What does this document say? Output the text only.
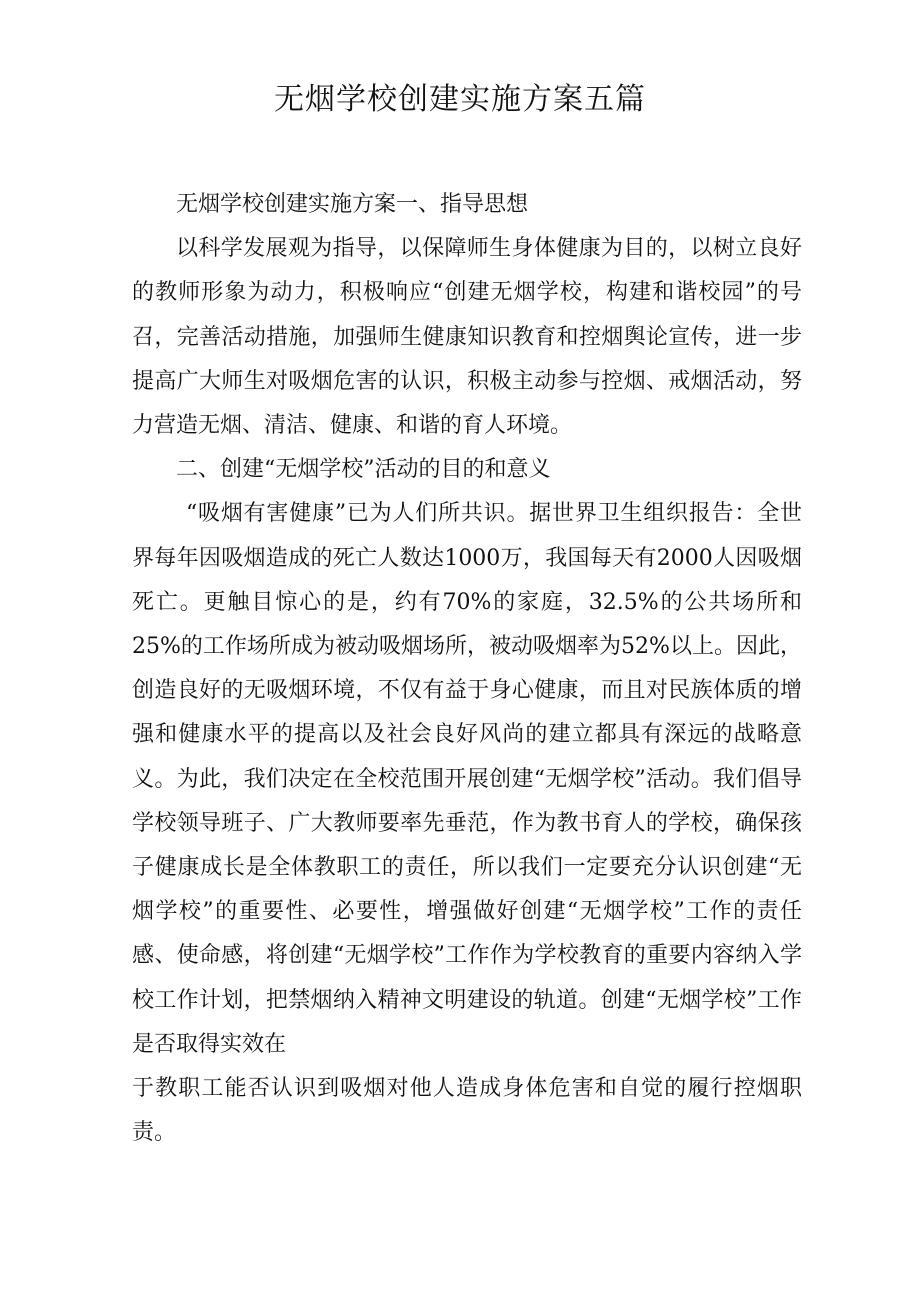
无烟学校创建实施方案五篇

无烟学校创建实施方案一、指导思想

以科学发展观为指导，以保障师生身体健康为目的，以树立良好的教师形象为动力，积极响应“创建无烟学校，构建和谐校园”的号召，完善活动措施，加强师生健康知识教育和控烟舆论宣传，进一步提高广大师生对吸烟危害的认识，积极主动参与控烟、戒烟活动，努力营造无烟、清洁、健康、和谐的育人环境。

二、创建“无烟学校”活动的目的和意义

“吸烟有害健康”已为人们所共识。据世界卫生组织报告：全世界每年因吸烟造成的死亡人数达1000万，我国每天有2000人因吸烟死亡。更触目惊心的是，约有70%的家庭，32.5%的公共场所和25%的工作场所成为被动吸烟场所，被动吸烟率为52%以上。因此，创造良好的无吸烟环境，不仅有益于身心健康，而且对民族体质的增强和健康水平的提高以及社会良好风尚的建立都具有深远的战略意义。为此，我们决定在全校范围开展创建“无烟学校”活动。我们倡导学校领导班子、广大教师要率先垂范，作为教书育人的学校，确保孩子健康成长是全体教职工的责任，所以我们一定要充分认识创建“无烟学校”的重要性、必要性，增强做好创建“无烟学校”工作的责任感、使命感，将创建“无烟学校”工作作为学校教育的重要内容纳入学校工作计划，把禁烟纳入精神文明建设的轨道。创建“无烟学校”工作是否取得实效在

于教职工能否认识到吸烟对他人造成身体危害和自觉的履行控烟职责。
